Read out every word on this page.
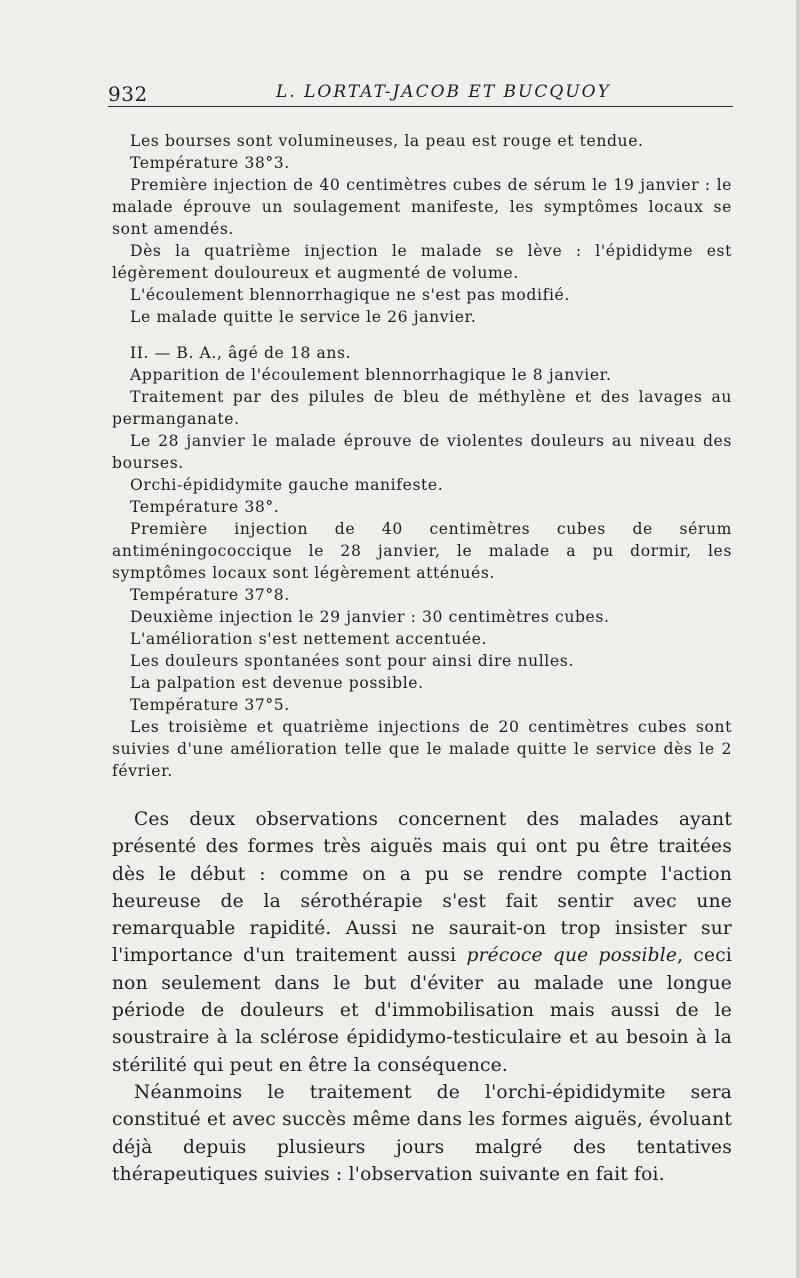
932	L. LORTAT-JACOB ET BUCQUOY

Les bourses sont volumineuses, la peau est rouge et tendue.

Température 38°3.

Première injection de 40 centimètres cubes de sérum le 19 janvier : le malade éprouve un soulagement manifeste, les symptômes locaux se sont amendés.

Dès la quatrième injection le malade se lève : l'épididyme est légèrement douloureux et augmenté de volume.

L'écoulement blennorrhagique ne s'est pas modifié.

Le malade quitte le service le 26 janvier.

II. — B. A., âgé de 18 ans.

Apparition de l'écoulement blennorrhagique le 8 janvier.

Traitement par des pilules de bleu de méthylène et des lavages au permanganate.

Le 28 janvier le malade éprouve de violentes douleurs au niveau des bourses.

Orchi-épididymite gauche manifeste.

Température 38°.

Première injection de 40 centimètres cubes de sérum antiméningococcique le 28 janvier, le malade a pu dormir, les symptômes locaux sont légèrement atténués.

Température 37°8.

Deuxième injection le 29 janvier : 30 centimètres cubes.

L'amélioration s'est nettement accentuée.

Les douleurs spontanées sont pour ainsi dire nulles.

La palpation est devenue possible.

Température 37°5.

Les troisième et quatrième injections de 20 centimètres cubes sont suivies d'une amélioration telle que le malade quitte le service dès le 2 février.

Ces deux observations concernent des malades ayant présenté des formes très aiguës mais qui ont pu être traitées dès le début : comme on a pu se rendre compte l'action heureuse de la sérothérapie s'est fait sentir avec une remarquable rapidité. Aussi ne saurait-on trop insister sur l'importance d'un traitement aussi précoce que possible, ceci non seulement dans le but d'éviter au malade une longue période de douleurs et d'immobilisation mais aussi de le soustraire à la sclérose épididymo-testiculaire et au besoin à la stérilité qui peut en être la conséquence.

Néanmoins le traitement de l'orchi-épididymite sera constitué et avec succès même dans les formes aiguës, évoluant déjà depuis plusieurs jours malgré des tentatives thérapeutiques suivies : l'observation suivante en fait foi.
